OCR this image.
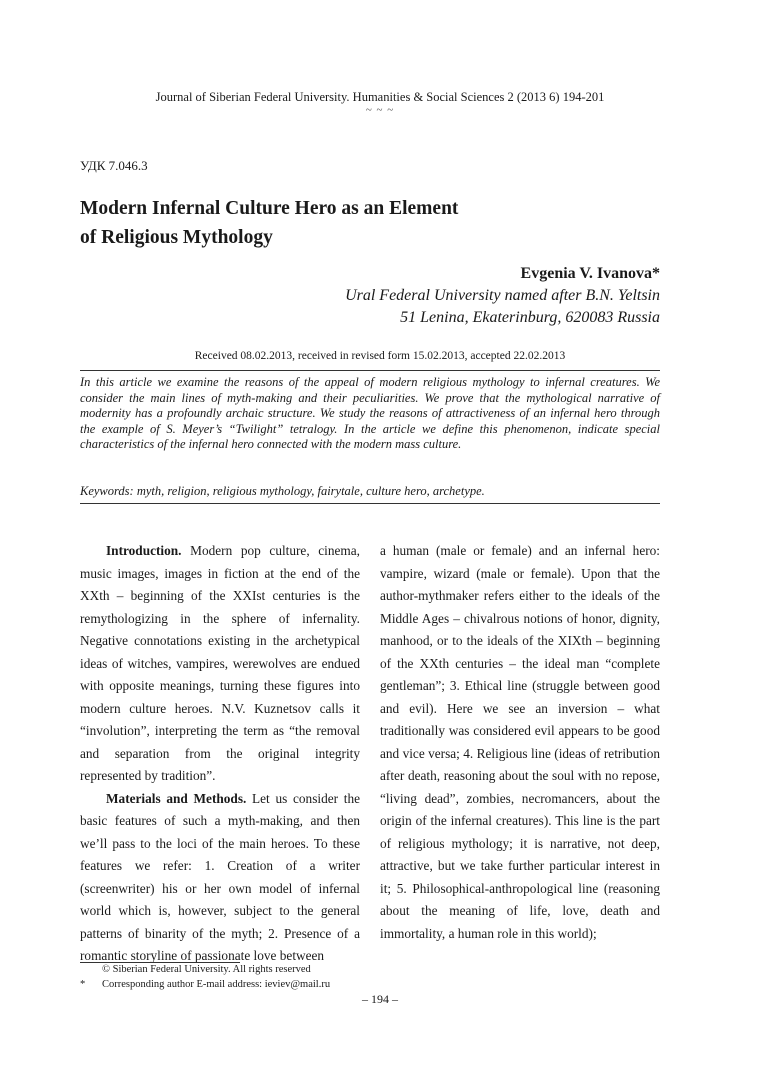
Journal of Siberian Federal University. Humanities & Social Sciences 2 (2013 6) 194-201
~ ~ ~
УДК 7.046.3
Modern Infernal Culture Hero as an Element
of Religious Mythology
Evgenia V. Ivanova*
Ural Federal University named after B.N. Yeltsin
51 Lenina, Ekaterinburg, 620083 Russia
Received 08.02.2013, received in revised form 15.02.2013, accepted 22.02.2013
In this article we examine the reasons of the appeal of modern religious mythology to infernal creatures. We consider the main lines of myth-making and their peculiarities. We prove that the mythological narrative of modernity has a profoundly archaic structure. We study the reasons of attractiveness of an infernal hero through the example of S. Meyer’s “Twilight” tetralogy. In the article we define this phenomenon, indicate special characteristics of the infernal hero connected with the modern mass culture.
Keywords: myth, religion, religious mythology, fairytale, culture hero, archetype.

Introduction. Modern pop culture, cinema, music images, images in fiction at the end of the XXth – beginning of the XXIst centuries is the remythologizing in the sphere of infernality. Negative connotations existing in the archetypical ideas of witches, vampires, werewolves are endued with opposite meanings, turning these figures into modern culture heroes. N.V. Kuznetsov calls it “involution”, interpreting the term as “the removal and separation from the original integrity represented by tradition”.

Materials and Methods. Let us consider the basic features of such a myth-making, and then we’ll pass to the loci of the main heroes. To these features we refer: 1. Creation of a writer (screenwriter) his or her own model of infernal world which is, however, subject to the general patterns of binarity of the myth; 2. Presence of a romantic storyline of passionate love between

a human (male or female) and an infernal hero: vampire, wizard (male or female). Upon that the author-mythmaker refers either to the ideals of the Middle Ages – chivalrous notions of honor, dignity, manhood, or to the ideals of the XIXth – beginning of the XXth centuries – the ideal man “complete gentleman”; 3. Ethical line (struggle between good and evil). Here we see an inversion – what traditionally was considered evil appears to be good and vice versa; 4. Religious line (ideas of retribution after death, reasoning about the soul with no repose, “living dead”, zombies, necromancers, about the origin of the infernal creatures). This line is the part of religious mythology; it is narrative, not deep, attractive, but we take further particular interest in it; 5. Philosophical-anthropological line (reasoning about the meaning of life, love, death and immortality, a human role in this world);

© Siberian Federal University. All rights reserved
*	Corresponding author E-mail address: ieviev@mail.ru
– 194 –
